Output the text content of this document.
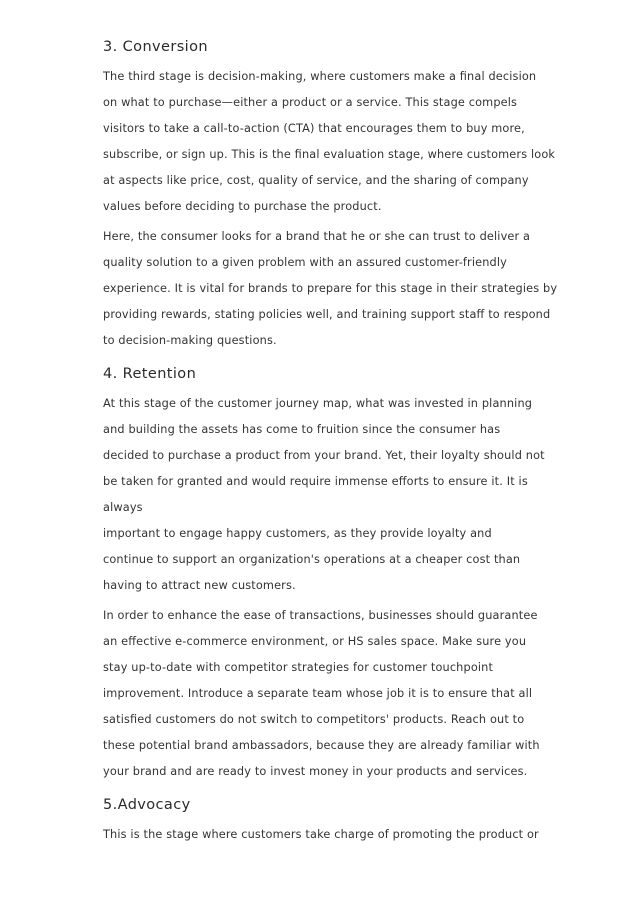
3. Conversion
The third stage is decision-making, where customers make a ﬁnal decision
on what to purchase—either a product or a service. This stage compels
visitors to take a call-to-action (CTA) that encourages them to buy more,
subscribe, or sign up. This is the ﬁnal evaluation stage, where customers look
at aspects like price, cost, quality of service, and the sharing of company
values before deciding to purchase the product.
Here, the consumer looks for a brand that he or she can trust to deliver a
quality solution to a given problem with an assured customer-friendly
experience. It is vital for brands to prepare for this stage in their strategies by
providing rewards, stating policies well, and training support staﬀ to respond
to decision-making questions.
4. Retention
At this stage of the customer journey map, what was invested in planning
and building the assets has come to fruition since the consumer has
decided to purchase a product from your brand. Yet, their loyalty should not
be taken for granted and would require immense eﬀorts to ensure it. It is
always
important to engage happy customers, as they provide loyalty and
continue to support an organization's operations at a cheaper cost than
having to attract new customers.
In order to enhance the ease of transactions, businesses should guarantee
an eﬀective e-commerce environment, or HS sales space. Make sure you
stay up-to-date with competitor strategies for customer touchpoint
improvement. Introduce a separate team whose job it is to ensure that all
satisﬁed customers do not switch to competitors' products. Reach out to
these potential brand ambassadors, because they are already familiar with
your brand and are ready to invest money in your products and services.
5.Advocacy
This is the stage where customers take charge of promoting the product or
